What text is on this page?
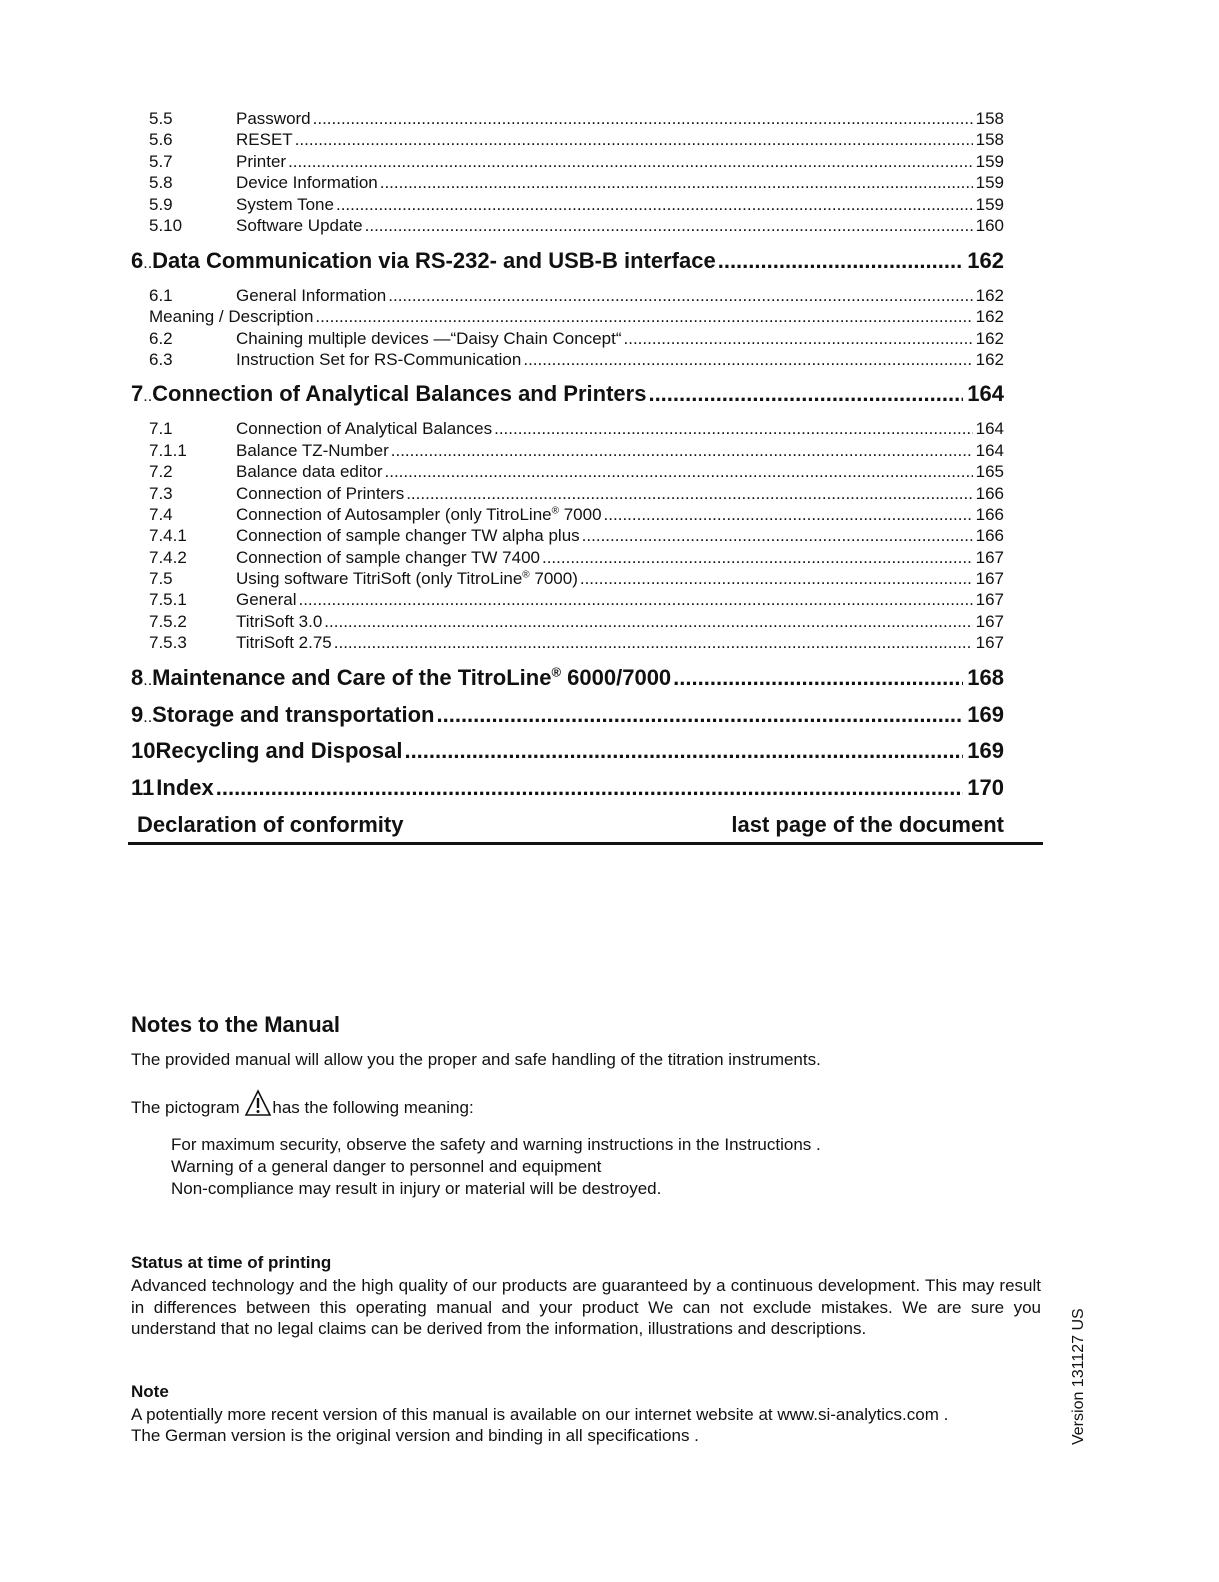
5.5	Password .....	158
5.6	RESET .....	158
5.7	Printer .....	159
5.8	Device Information .....	159
5.9	System Tone .....	159
5.10	Software Update .....	160
6.. Data Communication via RS-232- and USB-B interface .....	162
6.1	General Information .....	162
Meaning / Description .....	162
6.2	Chaining multiple devices —“Daisy Chain Concept“ .....	162
6.3	Instruction Set for RS-Communication .....	162
7.. Connection of Analytical Balances and Printers .....	164
7.1	Connection of Analytical Balances .....	164
7.1.1	Balance TZ-Number .....	164
7.2	Balance data editor .....	165
7.3	Connection of Printers .....	166
7.4	Connection of Autosampler (only TitroLine® 7000 .....	166
7.4.1	Connection of sample changer TW alpha plus .....	166
7.4.2	Connection of sample changer TW 7400 .....	167
7.5	Using software TitriSoft (only TitroLine® 7000) .....	167
7.5.1	General .....	167
7.5.2	TitriSoft 3.0 .....	167
7.5.3	TitriSoft 2.75 .....	167
8.. Maintenance and Care of the TitroLine® 6000/7000 .....	168
9.. Storage and transportation .....	169
10 Recycling and Disposal .....	169
11 Index .....	170
Declaration of conformity	last page of the document
Notes to the Manual
The provided manual will allow you the proper and safe handling of the titration instruments.
The pictogram has the following meaning:
For maximum security, observe the safety and warning instructions in the Instructions .
Warning of a general danger to personnel and equipment
Non-compliance may result in injury or material will be destroyed.
Status at time of printing
Advanced technology and the high quality of our products are guaranteed by a continuous development. This may result in differences between this operating manual and your product We can not exclude mistakes. We are sure you understand that no legal claims can be derived from the information, illustrations and descriptions.
Note
A potentially more recent version of this manual is available on our internet website at www.si-analytics.com .
The German version is the original version and binding in all specifications .	Version 131127 US
